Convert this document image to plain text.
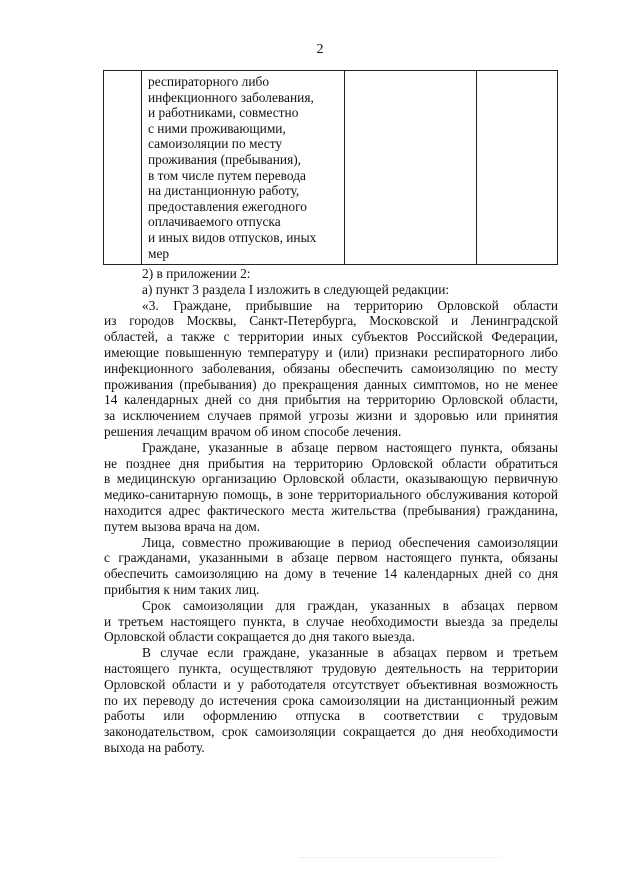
2
респираторного либо
инфекционного заболевания,
и работниками, совместно
с ними проживающими,
самоизоляции по месту
проживания (пребывания),
в том числе путем перевода
на дистанционную работу,
предоставления ежегодного
оплачиваемого отпуска
и иных видов отпусков, иных
мер
2) в приложении 2:
а) пункт 3 раздела I изложить в следующей редакции:
«3. Граждане, прибывшие на территорию Орловской области
из городов Москвы, Санкт-Петербурга, Московской и Ленинградской
областей, а также с территории иных субъектов Российской Федерации,
имеющие повышенную температуру и (или) признаки респираторного либо
инфекционного заболевания, обязаны обеспечить самоизоляцию по месту
проживания (пребывания) до прекращения данных симптомов, но не менее
14 календарных дней со дня прибытия на территорию Орловской области,
за исключением случаев прямой угрозы жизни и здоровью или принятия
решения лечащим врачом об ином способе лечения.
Граждане, указанные в абзаце первом настоящего пункта, обязаны
не позднее дня прибытия на территорию Орловской области обратиться
в медицинскую организацию Орловской области, оказывающую первичную
медико-санитарную помощь, в зоне территориального обслуживания которой
находится адрес фактического места жительства (пребывания) гражданина,
путем вызова врача на дом.
Лица, совместно проживающие в период обеспечения самоизоляции
с гражданами, указанными в абзаце первом настоящего пункта, обязаны
обеспечить самоизоляцию на дому в течение 14 календарных дней со дня
прибытия к ним таких лиц.
Срок самоизоляции для граждан, указанных в абзацах первом
и третьем настоящего пункта, в случае необходимости выезда за пределы
Орловской области сокращается до дня такого выезда.
В случае если граждане, указанные в абзацах первом и третьем
настоящего пункта, осуществляют трудовую деятельность на территории
Орловской области и у работодателя отсутствует объективная возможность
по их переводу до истечения срока самоизоляции на дистанционный режим
работы или оформлению отпуска в соответствии с трудовым
законодательством, срок самоизоляции сокращается до дня необходимости
выхода на работу.
